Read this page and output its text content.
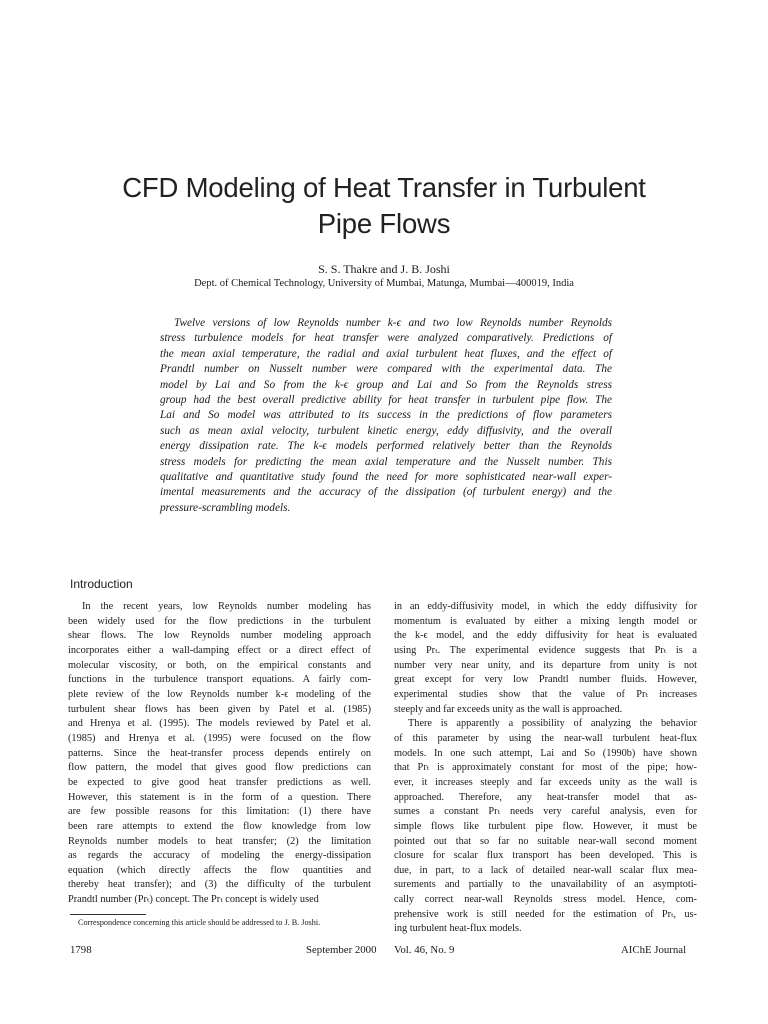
CFD Modeling of Heat Transfer in Turbulent
Pipe Flows
S. S. Thakre and J. B. Joshi
Dept. of Chemical Technology, University of Mumbai, Matunga, Mumbai—400019, India
Twelve versions of low Reynolds number k-ϵ and two low Reynolds number Reynolds
stress turbulence models for heat transfer were analyzed comparatively. Predictions of
the mean axial temperature, the radial and axial turbulent heat fluxes, and the effect of
Prandtl number on Nusselt number were compared with the experimental data. The
model by Lai and So from the k-ϵ group and Lai and So from the Reynolds stress
group had the best overall predictive ability for heat transfer in turbulent pipe flow. The
Lai and So model was attributed to its success in the predictions of flow parameters
such as mean axial velocity, turbulent kinetic energy, eddy diffusivity, and the overall
energy dissipation rate. The k-ϵ models performed relatively better than the Reynolds
stress models for predicting the mean axial temperature and the Nusselt number. This
qualitative and quantitative study found the need for more sophisticated near-wall exper-
imental measurements and the accuracy of the dissipation (of turbulent energy) and the
pressure-scrambling models.
Introduction
In the recent years, low Reynolds number modeling has
been widely used for the flow predictions in the turbulent
shear flows. The low Reynolds number modeling approach
incorporates either a wall-damping effect or a direct effect of
molecular viscosity, or both, on the empirical constants and
functions in the turbulence transport equations. A fairly com-
plete review of the low Reynolds number k-ϵ modeling of the
turbulent shear flows has been given by Patel et al. (1985)
and Hrenya et al. (1995). The models reviewed by Patel et al.
(1985) and Hrenya et al. (1995) were focused on the flow
patterns. Since the heat-transfer process depends entirely on
flow pattern, the model that gives good flow predictions can
be expected to give good heat transfer predictions as well.
However, this statement is in the form of a question. There
are few possible reasons for this limitation: (1) there have
been rare attempts to extend the flow knowledge from low
Reynolds number models to heat transfer; (2) the limitation
as regards the accuracy of modeling the energy-dissipation
equation (which directly affects the flow quantities and
thereby heat transfer); and (3) the difficulty of the turbulent
Prandtl number (Prₜ) concept. The Prₜ concept is widely used
in an eddy-diffusivity model, in which the eddy diffusivity for
momentum is evaluated by either a mixing length model or
the k-ϵ model, and the eddy diffusivity for heat is evaluated
using Prₜ. The experimental evidence suggests that Prₜ is a
number very near unity, and its departure from unity is not
great except for very low Prandtl number fluids. However,
experimental studies show that the value of Prₜ increases
steeply and far exceeds unity as the wall is approached.
There is apparently a possibility of analyzing the behavior
of this parameter by using the near-wall turbulent heat-flux
models. In one such attempt, Lai and So (1990b) have shown
that Prₜ is approximately constant for most of the pipe; how-
ever, it increases steeply and far exceeds unity as the wall is
approached. Therefore, any heat-transfer model that as-
sumes a constant Prₜ needs very careful analysis, even for
simple flows like turbulent pipe flow. However, it must be
pointed out that so far no suitable near-wall second moment
closure for scalar flux transport has been developed. This is
due, in part, to a lack of detailed near-wall scalar flux mea-
surements and partially to the unavailability of an asymptoti-
cally correct near-wall Reynolds stress model. Hence, com-
prehensive work is still needed for the estimation of Prₜ, us-
ing turbulent heat-flux models.
Correspondence concerning this article should be addressed to J. B. Joshi.
1798	September 2000 Vol. 46, No. 9	AIChE Journal
